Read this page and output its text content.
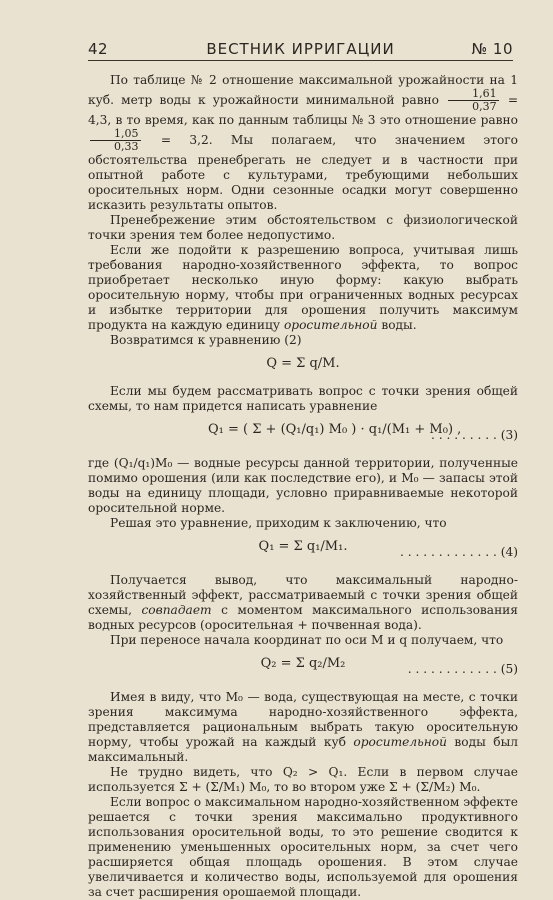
42	ВЕСТНИК ИРРИГАЦИИ	№ 10

По таблице № 2 отношение максимальной урожайности на 1 куб. метр воды к урожайности минимальной равно $\frac{1,61}{0,37} = 4,3$, в то время, как по данным таблицы № 3 это отношение равно
$\frac{1,05}{0,33} = 3,2$. Мы полагаем, что значением этого обстоятельства пренебрегать не следует и в частности при опытной работе с культурами, требующими небольших оросительных норм. Одни сезонные осадки могут совершенно исказить результаты опытов.

Пренебрежение этим обстоятельством с физиологической точки зрения тем более недопустимо.

Если же подойти к разрешению вопроса, учитывая лишь требования народно-хозяйственного эффекта, то вопрос приобретает несколько иную форму: какую выбрать оросительную норму, чтобы при ограниченных водных ресурсах и избытке территории для орошения получить максимум продукта на каждую единицу оросительной воды.

Возвратимся к уравнению (2)

Q = Σ q/M.

Если мы будем рассматривать вопрос с точки зрения общей схемы, то нам придется написать уравнение

Q₁ = ( Σ + (Q₁/q₁) M₀ ) · q₁/(M₁ + M₀) ,
. . . . . . . . . (3)

где (Q₁/q₁)M₀ — водные ресурсы данной территории, полученные помимо орошения (или как последствие его), и M₀ — запасы этой воды на единицу площади, условно приравниваемые некоторой оросительной норме.

Решая это уравнение, приходим к заключению, что

Q₁ = Σ q₁/M₁.	. . . . . . . . . . . . . (4)

Получается вывод, что максимальный народно-хозяйственный эффект, рассматриваемый с точки зрения общей схемы, совпадает с моментом максимального использования водных ресурсов (оросительная + почвенная вода).

При переносе начала координат по оси M и q получаем, что

Q₂ = Σ q₂/M₂	. . . . . . . . . . . . (5)

Имея в виду, что M₀ — вода, существующая на месте, с точки зрения максимума народно-хозяйственного эффекта, представляется рациональным выбрать такую оросительную норму, чтобы урожай на каждый куб оросительной воды был максимальный.

Не трудно видеть, что Q₂ > Q₁. Если в первом случае используется Σ + (Σ/M₁) M₀, то во втором уже Σ + (Σ/M₂) M₀.

Если вопрос о максимальном народно-хозяйственном эффекте решается с точки зрения максимально продуктивного использования оросительной воды, то это решение сводится к применению уменьшенных оросительных норм, за счет чего расширяется общая площадь орошения. В этом случае увеличивается и количество воды, используемой для орошения за счет расширения орошаемой площади.
